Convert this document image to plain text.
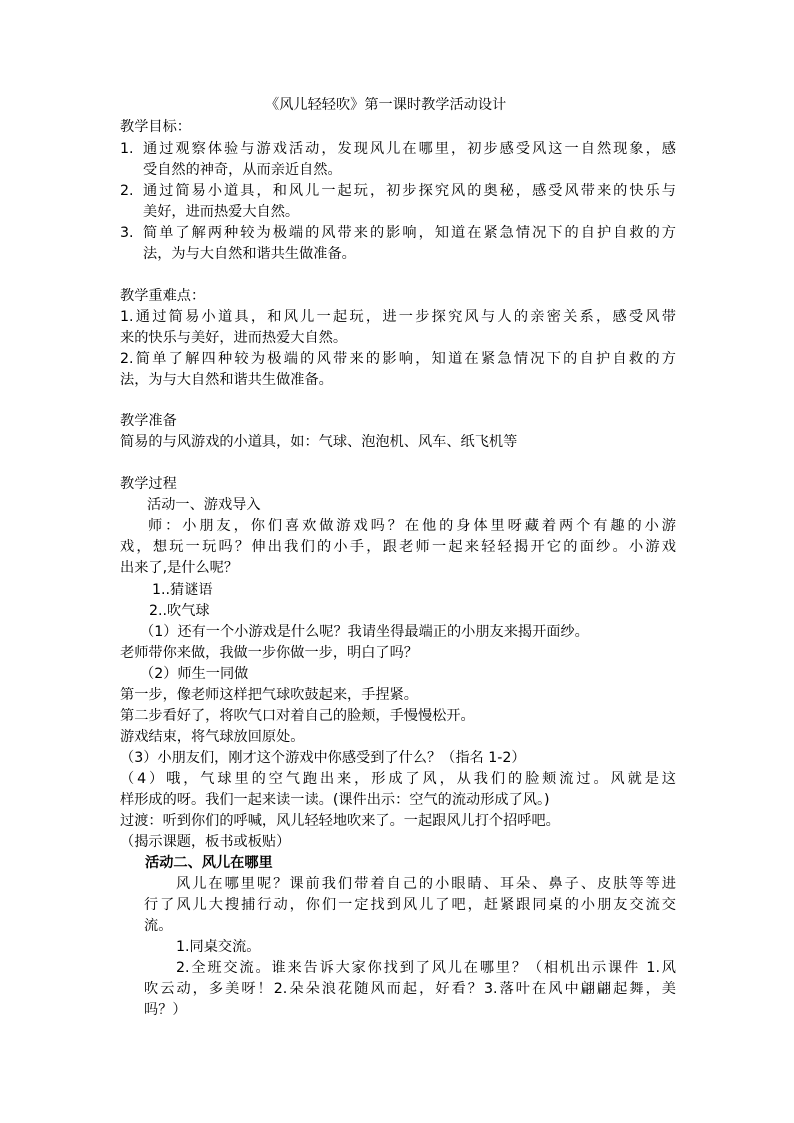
《风儿轻轻吹》第一课时教学活动设计
教学目标：
1. 通过观察体验与游戏活动，发现风儿在哪里，初步感受风这一自然现象，感
受自然的神奇，从而亲近自然。
2. 通过简易小道具，和风儿一起玩，初步探究风的奥秘，感受风带来的快乐与
美好，进而热爱大自然。
3. 简单了解两种较为极端的风带来的影响，知道在紧急情况下的自护自救的方
法，为与大自然和谐共生做准备。
教学重难点：
1.通过简易小道具，和风儿一起玩，进一步探究风与人的亲密关系，感受风带
来的快乐与美好，进而热爱大自然。
2.简单了解四种较为极端的风带来的影响，知道在紧急情况下的自护自救的方
法，为与大自然和谐共生做准备。
教学准备
简易的与风游戏的小道具，如：气球、泡泡机、风车、纸飞机等
教学过程
活动一、游戏导入
师：小朋友，你们喜欢做游戏吗？在他的身体里呀藏着两个有趣的小游
戏，想玩一玩吗？伸出我们的小手，跟老师一起来轻轻揭开它的面纱。小游戏
出来了,是什么呢？
1..猜谜语
2..吹气球
（1）还有一个小游戏是什么呢？我请坐得最端正的小朋友来揭开面纱。
老师带你来做，我做一步你做一步，明白了吗？
（2）师生一同做
第一步，像老师这样把气球吹鼓起来，手捏紧。
第二步看好了，将吹气口对着自己的脸颊，手慢慢松开。
游戏结束，将气球放回原处。
（3）小朋友们，刚才这个游戏中你感受到了什么？（指名 1-2）
（4）哦，气球里的空气跑出来，形成了风，从我们的脸颊流过。风就是这
样形成的呀。我们一起来读一读。(课件出示：空气的流动形成了风。)
过渡：听到你们的呼喊，风儿轻轻地吹来了。一起跟风儿打个招呼吧。
（揭示课题，板书或板贴）
活动二、风儿在哪里
风儿在哪里呢？课前我们带着自己的小眼睛、耳朵、鼻子、皮肤等等进
行了风儿大搜捕行动，你们一定找到风儿了吧，赶紧跟同桌的小朋友交流交
流。
1.同桌交流。
2.全班交流。谁来告诉大家你找到了风儿在哪里？（相机出示课件 1.风
吹云动，多美呀！2.朵朵浪花随风而起，好看？3.落叶在风中翩翩起舞，美
吗？）
